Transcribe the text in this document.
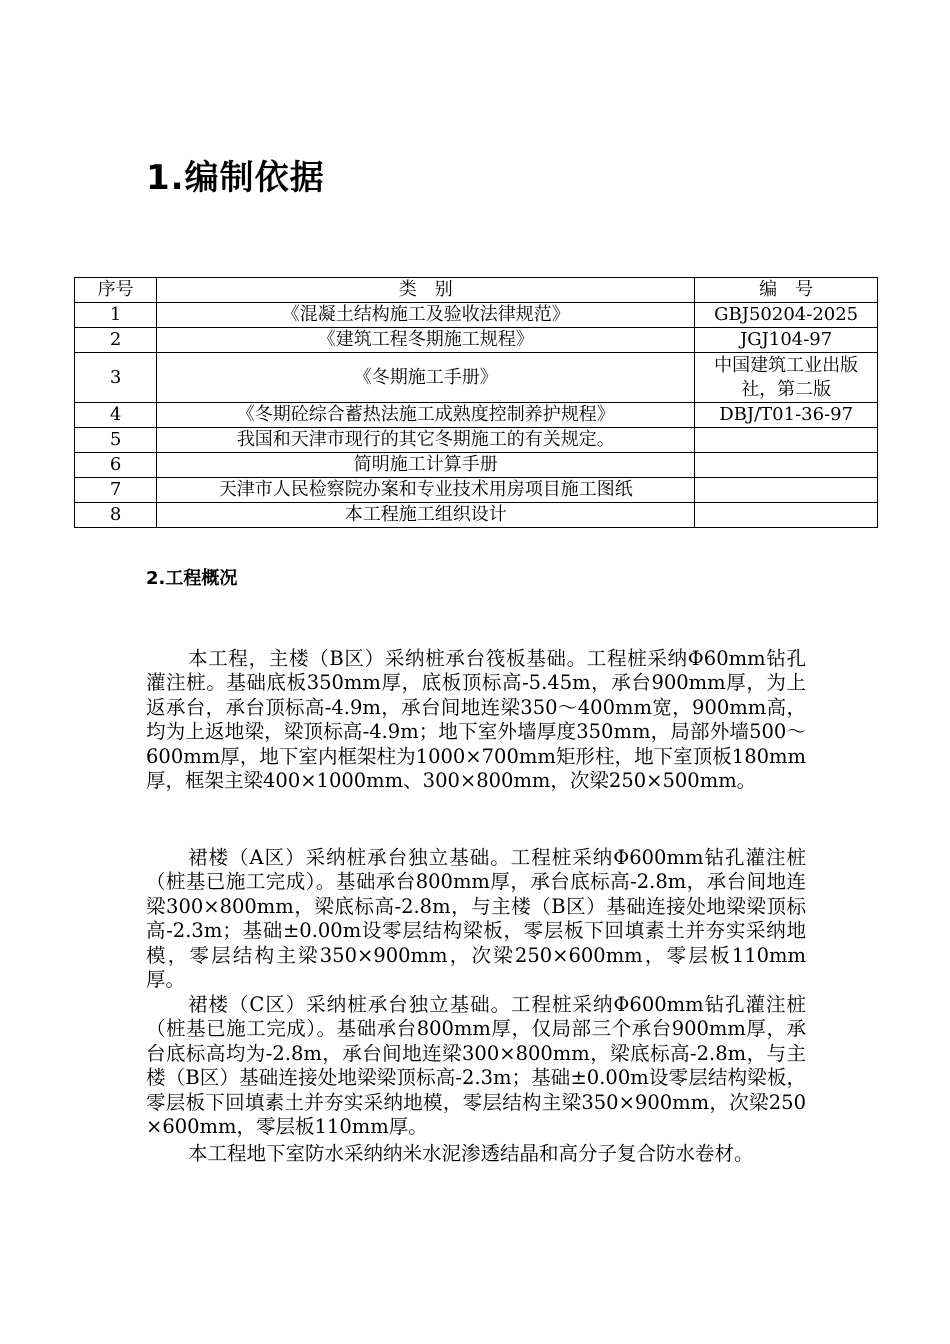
1.编制依据
序号	类　别	编　号
1	《混凝土结构施工及验收法律规范》	GBJ50204-2025
2	《建筑工程冬期施工规程》	JGJ104-97
3	《冬期施工手册》	中国建筑工业出版社，第二版
4	《冬期砼综合蓄热法施工成熟度控制养护规程》	DBJ/T01-36-97
5	我国和天津市现行的其它冬期施工的有关规定。	
6	简明施工计算手册	
7	天津市人民检察院办案和专业技术用房项目施工图纸	
8	本工程施工组织设计	
2.工程概况

本工程，主楼（B区）采纳桩承台筏板基础。工程桩采纳Φ60mm钻孔灌注桩。基础底板350mm厚，底板顶标高-5.45m，承台900mm厚，为上返承台，承台顶标高-4.9m，承台间地连梁350～400mm宽，900mm高，均为上返地梁，梁顶标高-4.9m；地下室外墙厚度350mm，局部外墙500～600mm厚，地下室内框架柱为1000×700mm矩形柱，地下室顶板180mm厚，框架主梁400×1000mm、300×800mm，次梁250×500mm。

裙楼（A区）采纳桩承台独立基础。工程桩采纳Φ600mm钻孔灌注桩（桩基已施工完成）。基础承台800mm厚，承台底标高-2.8m，承台间地连梁300×800mm，梁底标高-2.8m，与主楼（B区）基础连接处地梁梁顶标高-2.3m；基础±0.00m设零层结构梁板，零层板下回填素土并夯实采纳地模，零层结构主梁350×900mm，次梁250×600mm，零层板110mm厚。

裙楼（C区）采纳桩承台独立基础。工程桩采纳Φ600mm钻孔灌注桩（桩基已施工完成）。基础承台800mm厚，仅局部三个承台900mm厚，承台底标高均为-2.8m，承台间地连梁300×800mm，梁底标高-2.8m，与主楼（B区）基础连接处地梁梁顶标高-2.3m；基础±0.00m设零层结构梁板，零层板下回填素土并夯实采纳地模，零层结构主梁350×900mm，次梁250×600mm，零层板110mm厚。

本工程地下室防水采纳纳米水泥渗透结晶和高分子复合防水卷材。
